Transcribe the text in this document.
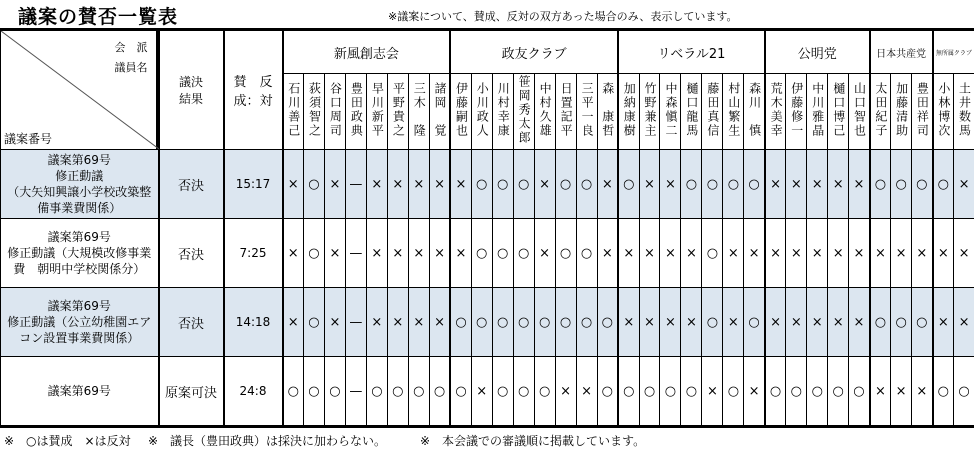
議案の賛否一覧表	※議案について、賛成、反対の双方あった場合のみ、表示しています。
会　派
議員名
議案番号	議決
結果	賛　反
成：対	新風創志会								政友クラブ								リベラル21							公明党					日本共産党			無所属クラブ	
			石川善己	荻須智之	谷口周司	豊田政典	早川新平	平野貴之	三木　隆	諸岡　覚	伊藤嗣也	小川政人	川村幸康	笹岡秀太郎	中村久雄	日置記平	三平一良	森　康哲	加納康樹	竹野兼主	中森愼二	樋口龍馬	藤田真信	村山繁生	森川　慎	荒木美幸	伊藤修一	中川雅晶	樋口博己	山口智也	太田紀子	加藤清助	豊田祥司	小林博次	土井数馬
議案第69号
修正動議
（大矢知興譲小学校改築整
備事業費関係）	否決	15:17	×	○	×	—	×	×	×	×	×	○	○	○	×	○	○	×	○	×	×	○	○	○	○	×	×	×	×	×	○	○	○	○	×
議案第69号
修正動議（大規模改修事業
費　朝明中学校関係分）	否決	7:25	×	○	×	—	×	×	×	×	×	○	○	○	×	○	○	×	×	×	×	×	○	×	×	×	×	×	×	×	×	×	×	×	×
議案第69号
修正動議（公立幼稚園エア
コン設置事業費関係）	否決	14:18	×	○	×	—	×	×	×	×	○	○	○	○	○	○	○	○	×	×	×	×	○	×	○	×	×	×	×	×	○	○	○	×	×
議案第69号	原案可決	24:8	○	○	○	—	○	○	○	○	○	×	○	○	○	×	×	○	○	○	○	○	×	○	×	○	○	○	○	○	×	×	×	○	○
※　○は賛成　×は反対 ※　議長（豊田政典）は採決に加わらない。	※　本会議での審議順に掲載しています。
